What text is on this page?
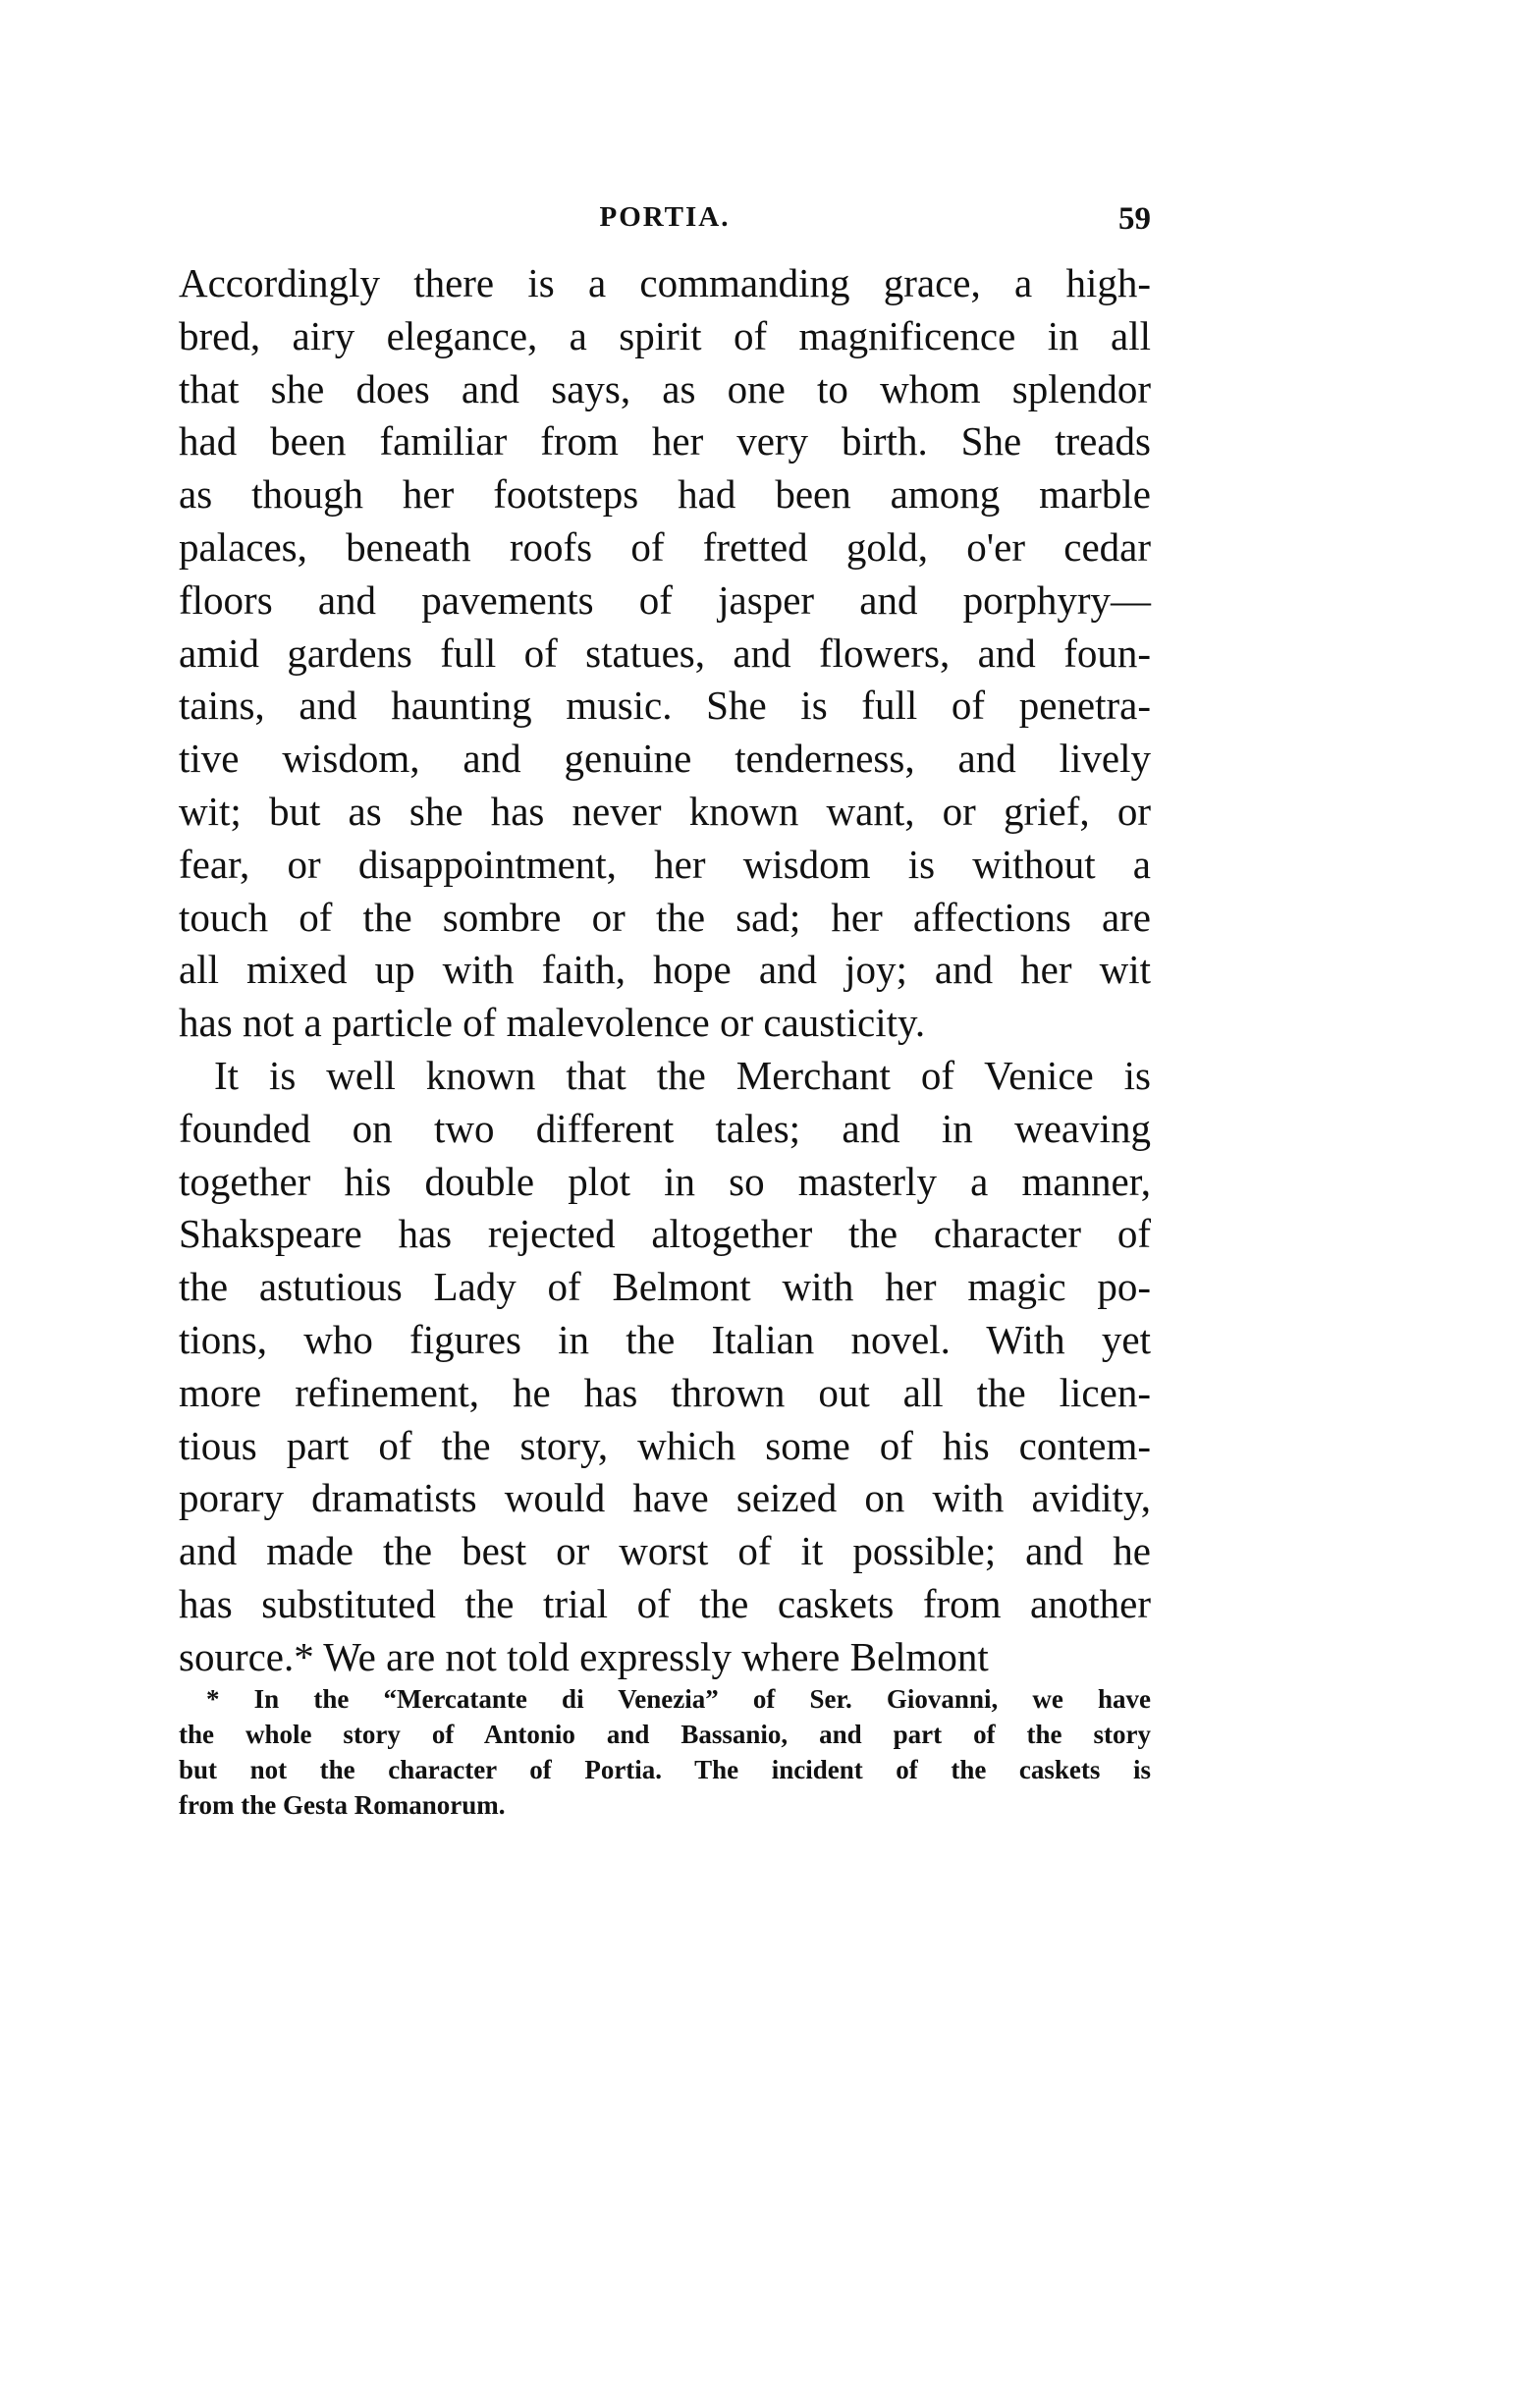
PORTIA.	59
Accordingly there is a commanding grace, a high-
bred, airy elegance, a spirit of magnificence in all
that she does and says, as one to whom splendor
had been familiar from her very birth. She treads
as though her footsteps had been among marble
palaces, beneath roofs of fretted gold, o'er cedar
floors and pavements of jasper and porphyry—
amid gardens full of statues, and flowers, and foun-
tains, and haunting music. She is full of penetra-
tive wisdom, and genuine tenderness, and lively
wit; but as she has never known want, or grief, or
fear, or disappointment, her wisdom is without a
touch of the sombre or the sad; her affections are
all mixed up with faith, hope and joy; and her wit
has not a particle of malevolence or causticity.
It is well known that the Merchant of Venice is
founded on two different tales; and in weaving
together his double plot in so masterly a manner,
Shakspeare has rejected altogether the character of
the astutious Lady of Belmont with her magic po-
tions, who figures in the Italian novel. With yet
more refinement, he has thrown out all the licen-
tious part of the story, which some of his contem-
porary dramatists would have seized on with avidity,
and made the best or worst of it possible; and he
has substituted the trial of the caskets from another
source.* We are not told expressly where Belmont
* In the “Mercatante di Venezia” of Ser. Giovanni, we have
the whole story of Antonio and Bassanio, and part of the story
but not the character of Portia. The incident of the caskets is
from the Gesta Romanorum.
